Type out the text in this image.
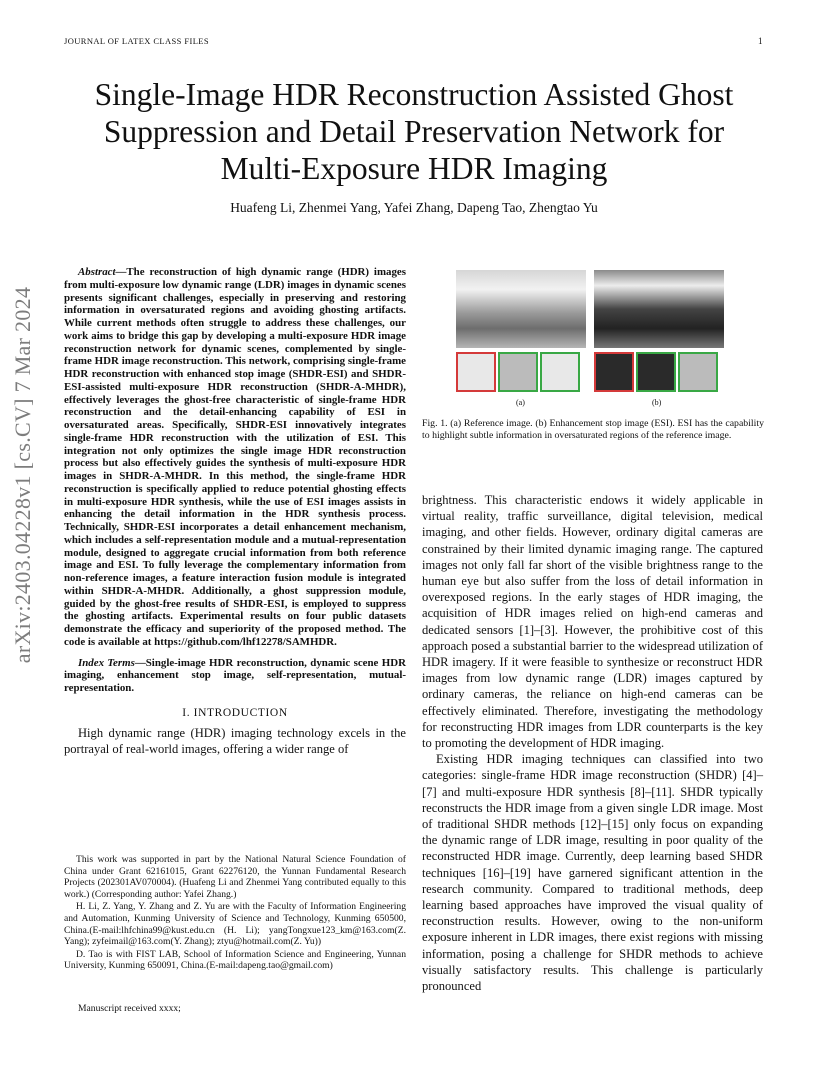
JOURNAL OF LATEX CLASS FILES	1
arXiv:2403.04228v1 [cs.CV] 7 Mar 2024
Single-Image HDR Reconstruction Assisted Ghost Suppression and Detail Preservation Network for Multi-Exposure HDR Imaging
Huafeng Li, Zhenmei Yang, Yafei Zhang, Dapeng Tao, Zhengtao Yu

Abstract—The reconstruction of high dynamic range (HDR) images from multi-exposure low dynamic range (LDR) images in dynamic scenes presents significant challenges, especially in preserving and restoring information in oversaturated regions and avoiding ghosting artifacts. While current methods often struggle to address these challenges, our work aims to bridge this gap by developing a multi-exposure HDR image reconstruction network for dynamic scenes, complemented by single-frame HDR image reconstruction. This network, comprising single-frame HDR reconstruction with enhanced stop image (SHDR-ESI) and SHDR-ESI-assisted multi-exposure HDR reconstruction (SHDR-A-MHDR), effectively leverages the ghost-free characteristic of single-frame HDR reconstruction and the detail-enhancing capability of ESI in oversaturated areas. Specifically, SHDR-ESI innovatively integrates single-frame HDR reconstruction with the utilization of ESI. This integration not only optimizes the single image HDR reconstruction process but also effectively guides the synthesis of multi-exposure HDR images in SHDR-A-MHDR. In this method, the single-frame HDR reconstruction is specifically applied to reduce potential ghosting effects in multi-exposure HDR synthesis, while the use of ESI images assists in enhancing the detail information in the HDR synthesis process. Technically, SHDR-ESI incorporates a detail enhancement mechanism, which includes a self-representation module and a mutual-representation module, designed to aggregate crucial information from both reference image and ESI. To fully leverage the complementary information from non-reference images, a feature interaction fusion module is integrated within SHDR-A-MHDR. Additionally, a ghost suppression module, guided by the ghost-free results of SHDR-ESI, is employed to suppress the ghosting artifacts. Experimental results on four public datasets demonstrate the efficacy and superiority of the proposed method. The code is available at https://github.com/lhf12278/SAMHDR.

Index Terms—Single-image HDR reconstruction, dynamic scene HDR imaging, enhancement stop image, self-representation, mutual-representation.

I. INTRODUCTION

High dynamic range (HDR) imaging technology excels in the portrayal of real-world images, offering a wider range of

This work was supported in part by the National Natural Science Foundation of China under Grant 62161015, Grant 62276120, the Yunnan Fundamental Research Projects (202301AV070004). (Huafeng Li and Zhenmei Yang contributed equally to this work.) (Corresponding author: Yafei Zhang.)

H. Li, Z. Yang, Y. Zhang and Z. Yu are with the Faculty of Information Engineering and Automation, Kunming University of Science and Technology, Kunming 650500, China.(E-mail:lhfchina99@kust.edu.cn (H. Li); yangTongxue123_km@163.com(Z. Yang); zyfeimail@163.com(Y. Zhang); ztyu@hotmail.com(Z. Yu))

D. Tao is with FIST LAB, School of Information Science and Engineering, Yunnan University, Kunming 650091, China.(E-mail:dapeng.tao@gmail.com)

Manuscript received xxxx;
(a)	(b)
Fig. 1. (a) Reference image. (b) Enhancement stop image (ESI). ESI has the capability to highlight subtle information in oversaturated regions of the reference image.

brightness. This characteristic endows it widely applicable in virtual reality, traffic surveillance, digital television, medical imaging, and other fields. However, ordinary digital cameras are constrained by their limited dynamic imaging range. The captured images not only fall far short of the visible brightness range to the human eye but also suffer from the loss of detail information in overexposed regions. In the early stages of HDR imaging, the acquisition of HDR images relied on high-end cameras and dedicated sensors [1]–[3]. However, the prohibitive cost of this approach posed a substantial barrier to the widespread utilization of HDR imagery. If it were feasible to synthesize or reconstruct HDR images from low dynamic range (LDR) images captured by ordinary cameras, the reliance on high-end cameras can be effectively eliminated. Therefore, investigating the methodology for reconstructing HDR images from LDR counterparts is the key to promoting the development of HDR imaging.

Existing HDR imaging techniques can classified into two categories: single-frame HDR image reconstruction (SHDR) [4]–[7] and multi-exposure HDR synthesis [8]–[11]. SHDR typically reconstructs the HDR image from a given single LDR image. Most of traditional SHDR methods [12]–[15] only focus on expanding the dynamic range of LDR image, resulting in poor quality of the reconstructed HDR image. Currently, deep learning based SHDR techniques [16]–[19] have garnered significant attention in the research community. Compared to traditional methods, deep learning based approaches have improved the visual quality of reconstruction results. However, owing to the non-uniform exposure inherent in LDR images, there exist regions with missing information, posing a challenge for SHDR methods to achieve visually satisfactory results. This challenge is particularly pronounced
